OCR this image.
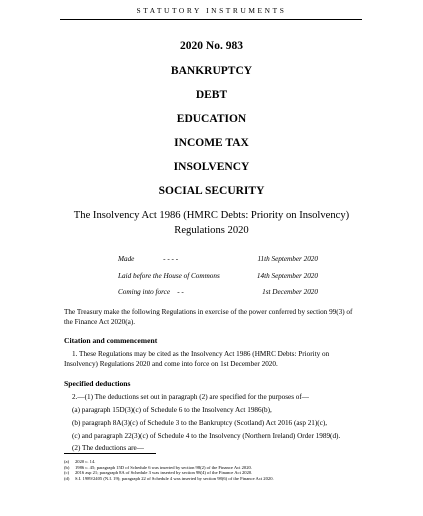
STATUTORY INSTRUMENTS
2020 No. 983
BANKRUPTCY
DEBT
EDUCATION
INCOME TAX
INSOLVENCY
SOCIAL SECURITY
The Insolvency Act 1986 (HMRC Debts: Priority on Insolvency) Regulations 2020
Made	- - - -	11th September 2020
Laid before the House of Commons	14th September 2020
Coming into force - -	1st December 2020
The Treasury make the following Regulations in exercise of the power conferred by section 99(3) of the Finance Act 2020(a).
Citation and commencement
1. These Regulations may be cited as the Insolvency Act 1986 (HMRC Debts: Priority on Insolvency) Regulations 2020 and come into force on 1st December 2020.
Specified deductions
2.—(1) The deductions set out in paragraph (2) are specified for the purposes of—
(a) paragraph 15D(3)(c) of Schedule 6 to the Insolvency Act 1986(b),
(b) paragraph 8A(3)(c) of Schedule 3 to the Bankruptcy (Scotland) Act 2016 (asp 21)(c),
(c) and paragraph 22(3)(c) of Schedule 4 to the Insolvency (Northern Ireland) Order 1989(d).
(2) The deductions are—
(a) 2020 c. 14.
(b) 1986 c. 45; paragraph 15D of Schedule 6 was inserted by section 98(2) of the Finance Act 2020.
(c) 2016 asp 21; paragraph 8A of Schedule 3 was inserted by section 98(4) of the Finance Act 2020.
(d) S.I. 1989/2405 (N.I. 19); paragraph 22 of Schedule 4 was inserted by section 98(6) of the Finance Act 2020.
